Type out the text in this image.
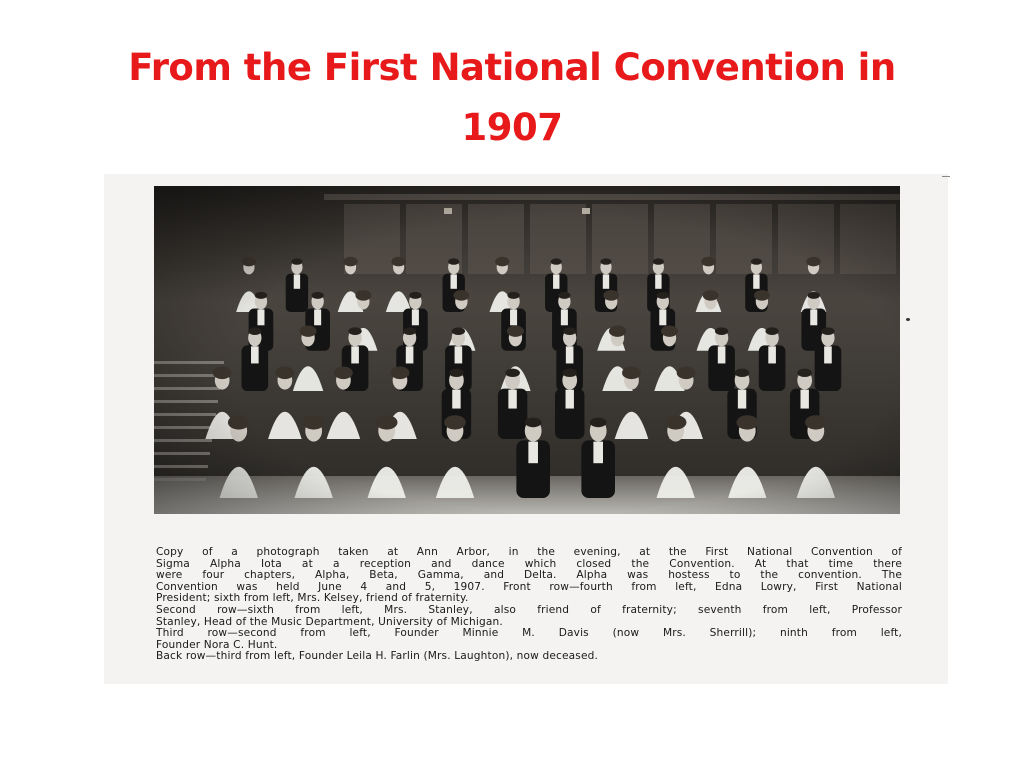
From the First National Convention in
1907
Copy of a photograph taken at Ann Arbor, in the evening, at the First National Convention of
Sigma Alpha Iota at a reception and dance which closed the Convention. At that time there
were four chapters, Alpha, Beta, Gamma, and Delta. Alpha was hostess to the convention. The
Convention was held June 4 and 5, 1907. Front row—fourth from left, Edna Lowry, First National
President; sixth from left, Mrs. Kelsey, friend of fraternity.
Second row—sixth from left, Mrs. Stanley, also friend of fraternity; seventh from left, Professor
Stanley, Head of the Music Department, University of Michigan.
Third row—second from left, Founder Minnie M. Davis (now Mrs. Sherrill); ninth from left,
Founder Nora C. Hunt.
Back row—third from left, Founder Leila H. Farlin (Mrs. Laughton), now deceased.
